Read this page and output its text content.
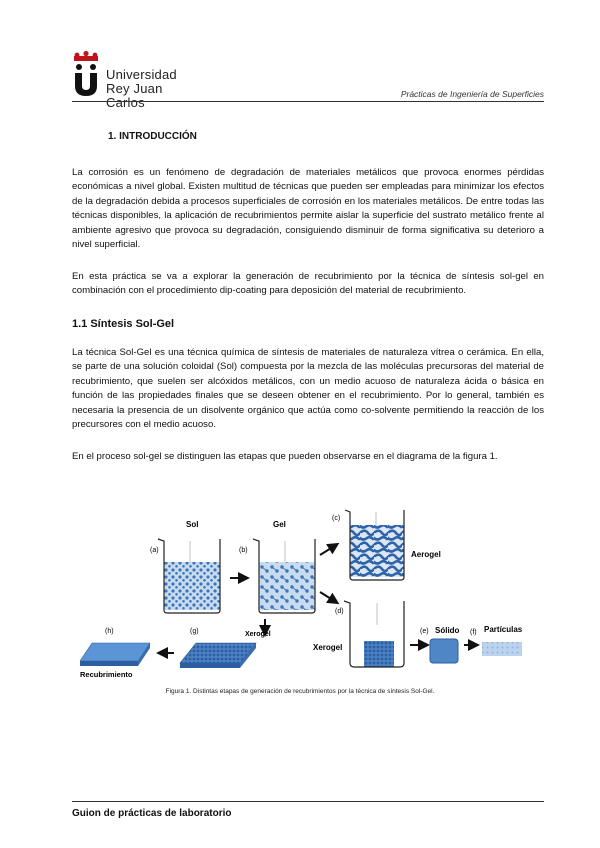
Universidad
Rey Juan Carlos
Prácticas de Ingeniería de Superficies
1. INTRODUCCIÓN
La corrosión es un fenómeno de degradación de materiales metálicos que provoca enormes pérdidas económicas a nivel global. Existen multitud de técnicas que pueden ser empleadas para minimizar los efectos de la degradación debida a procesos superficiales de corrosión en los materiales metálicos. De entre todas las técnicas disponibles, la aplicación de recubrimientos permite aislar la superficie del sustrato metálico frente al ambiente agresivo que provoca su degradación, consiguiendo disminuir de forma significativa su deterioro a nivel superficial.
En esta práctica se va a explorar la generación de recubrimiento por la técnica de síntesis sol-gel en combinación con el procedimiento dip-coating para deposición del material de recubrimiento.
1.1 Síntesis Sol-Gel
La técnica Sol-Gel es una técnica química de síntesis de materiales de naturaleza vítrea o cerámica. En ella, se parte de una solución coloidal (Sol) compuesta por la mezcla de las moléculas precursoras del material de recubrimiento, que suelen ser alcóxidos metálicos, con un medio acuoso de naturaleza ácida o básica en función de las propiedades finales que se deseen obtener en el recubrimiento. Por lo general, también es necesaria la presencia de un disolvente orgánico que actúa como co-solvente permitiendo la reacción de los precursores con el medio acuoso.
En el proceso sol-gel se distinguen las etapas que pueden observarse en el diagrama de la figura 1.
Sol	Gel
(a)	(b)
(c)
Aerogel
(d)
Xerogel
(e) Sólido (f) Partículas
Xerogel
(g)
(h)
Recubrimiento
Figura 1. Distintas etapas de generación de recubrimientos por la técnica de síntesis Sol-Gel.
Guion de prácticas de laboratorio
